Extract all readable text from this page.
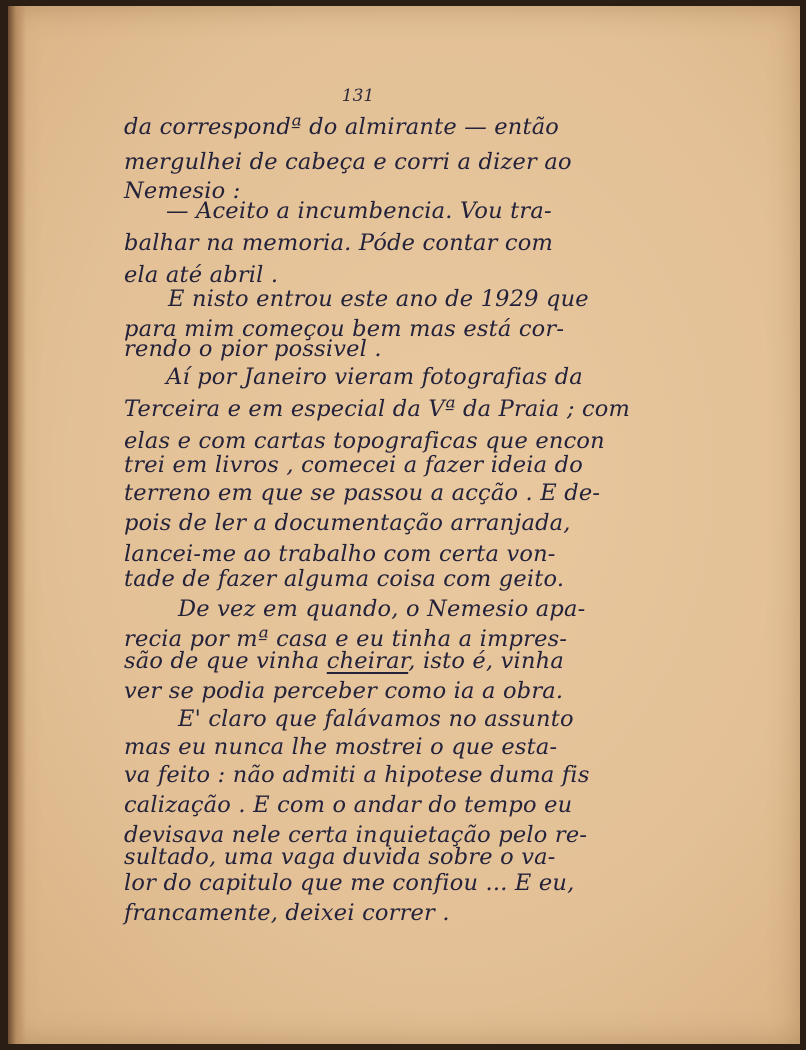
131
da correspondª do almirante — então
mergulhei de cabeça e corri a dizer ao
Nemesio :
— Aceito a incumbencia. Vou tra-
balhar na memoria. Póde contar com
ela até abril .
E nisto entrou este ano de 1929 que
para mim começou bem mas está cor-
rendo o pior possivel .
Aí por Janeiro vieram fotografias da
Terceira e em especial da Vª da Praia ; com
elas e com cartas topograficas que encon
trei em livros , comecei a fazer ideia do
terreno em que se passou a acção . E de-
pois de ler a documentação arranjada,
lancei-me ao trabalho com certa von-
tade de fazer alguma coisa com geito.
De vez em quando, o Nemesio apa-
recia por mª casa e eu tinha a impres-
são de que vinha cheirar, isto é, vinha
ver se podia perceber como ia a obra.
E' claro que falávamos no assunto
mas eu nunca lhe mostrei o que esta-
va feito : não admiti a hipotese duma fis
calização . E com o andar do tempo eu
devisava nele certa inquietação pelo re-
sultado, uma vaga duvida sobre o va-
lor do capitulo que me confiou ... E eu,
francamente, deixei correr .
